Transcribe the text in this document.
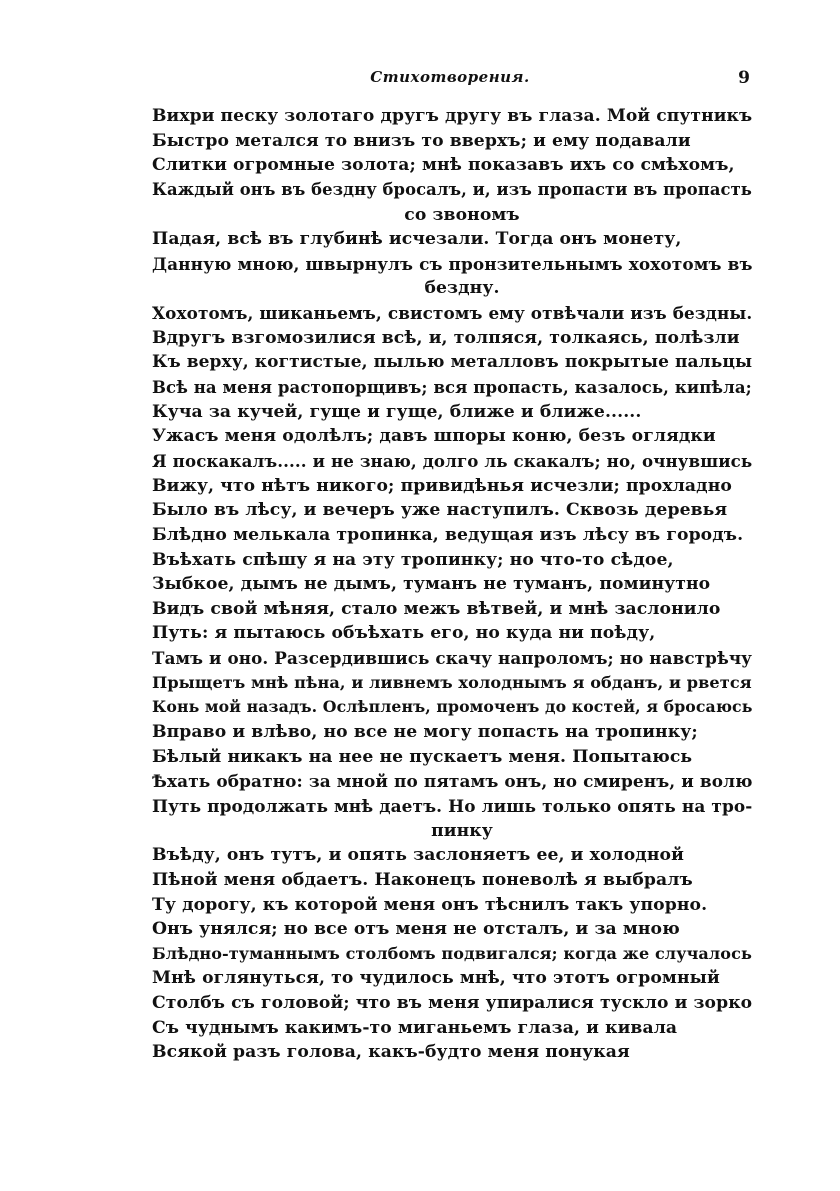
Стихотворения.	9
Вихри песку золотаго другъ другу въ глаза. Мой спутникъ
Быстро метался то внизъ то вверхъ; и ему подавали
Слитки огромные золота; мнѣ показавъ ихъ со смѣхомъ,
Каждый онъ въ бездну бросалъ, и, изъ пропасти въ пропасть
со звономъ
Падая, всѣ въ глубинѣ исчезали. Тогда онъ монету,
Данную мною, швырнулъ съ пронзительнымъ хохотомъ въ
бездну.
Хохотомъ, шиканьемъ, свистомъ ему отвѣчали изъ бездны.
Вдругъ взгомозилися всѣ, и, толпяся, толкаясь, полѣзли
Къ верху, когтистые, пылью металловъ покрытые пальцы
Всѣ на меня растопорщивъ; вся пропасть, казалось, кипѣла;
Куча за кучей, гуще и гуще, ближе и ближе......
Ужасъ меня одолѣлъ; давъ шпоры коню, безъ оглядки
Я поскакалъ..... и не знаю, долго ль скакалъ; но, очнувшись
Вижу, что нѣтъ никого; привидѣнья исчезли; прохладно
Было въ лѣсу, и вечеръ уже наступилъ. Сквозь деревья
Блѣдно мелькала тропинка, ведущая изъ лѣсу въ городъ.
Въѣхать спѣшу я на эту тропинку; но что-то сѣдое,
Зыбкое, дымъ не дымъ, туманъ не туманъ, поминутно
Видъ свой мѣняя, стало межъ вѣтвей, и мнѣ заслонило
Путь: я пытаюсь объѣхать его, но куда ни поѣду,
Тамъ и оно. Разсердившись скачу напроломъ; но навстрѣчу
Прыщетъ мнѣ пѣна, и ливнемъ холоднымъ я обданъ, и рвется
Конь мой назадъ. Ослѣпленъ, промоченъ до костей, я бросаюсь
Вправо и влѣво, но все не могу попасть на тропинку;
Бѣлый никакъ на нее не пускаетъ меня. Попытаюсь
Ѣхать обратно: за мной по пятамъ онъ, но смиренъ, и волю
Путь продолжать мнѣ даетъ. Но лишь только опять на тро-
пинку
Въѣду, онъ тутъ, и опять заслоняетъ ее, и холодной
Пѣной меня обдаетъ. Наконецъ поневолѣ я выбралъ
Ту дорогу, къ которой меня онъ тѣснилъ такъ упорно.
Онъ унялся; но все отъ меня не отсталъ, и за мною
Блѣдно-туманнымъ столбомъ подвигался; когда же случалось
Мнѣ оглянуться, то чудилось мнѣ, что этотъ огромный
Столбъ съ головой; что въ меня упиралися тускло и зорко
Съ чуднымъ какимъ-то миганьемъ глаза, и кивала
Всякой разъ голова, какъ-будто меня понукая
